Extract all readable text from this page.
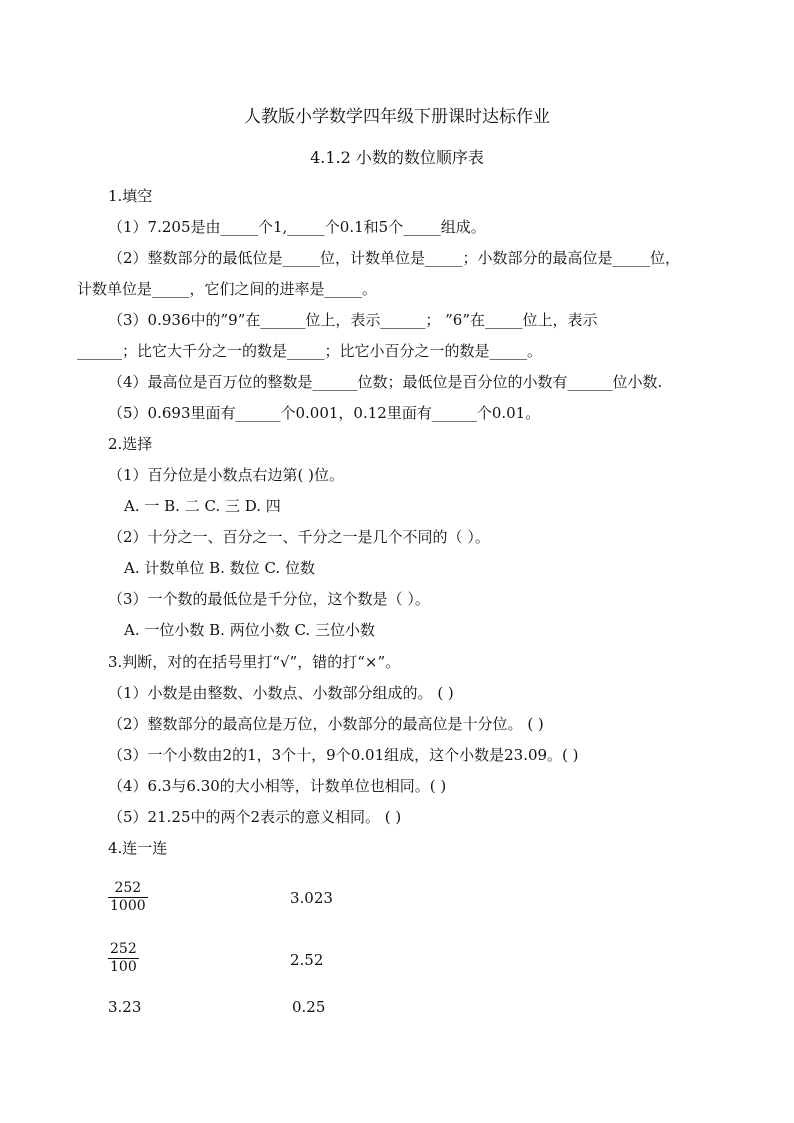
人教版小学数学四年级下册课时达标作业
4.1.2 小数的数位顺序表
1.填空
（1）7.205是由_____个1,_____个0.1和5个_____组成。
（2）整数部分的最低位是_____位，计数单位是_____；小数部分的最高位是_____位，
计数单位是_____，它们之间的进率是_____。
（3）0.936中的”9”在______位上，表示______； ”6”在_____位上，表示
______；比它大千分之一的数是_____；比它小百分之一的数是_____。
（4）最高位是百万位的整数是______位数；最低位是百分位的小数有______位小数.
（5）0.693里面有______个0.001，0.12里面有______个0.01。
2.选择
（1）百分位是小数点右边第( )位。
A. 一 B. 二 C. 三 D. 四
（2）十分之一、百分之一、千分之一是几个不同的（ ）。
A. 计数单位 B. 数位 C. 位数
（3）一个数的最低位是千分位，这个数是（ ）。
A. 一位小数 B. 两位小数 C. 三位小数
3.判断，对的在括号里打“√”，错的打“×”。
（1）小数是由整数、小数点、小数部分组成的。 ( )
（2）整数部分的最高位是万位，小数部分的最高位是十分位。 ( )
（3）一个小数由2的1，3个十，9个0.01组成，这个小数是23.09。( )
（4）6.3与6.30的大小相等，计数单位也相同。( )
（5）21.25中的两个2表示的意义相同。 ( )
4.连一连
252
1000	3.023
252
100	2.52
3.23	0.25
